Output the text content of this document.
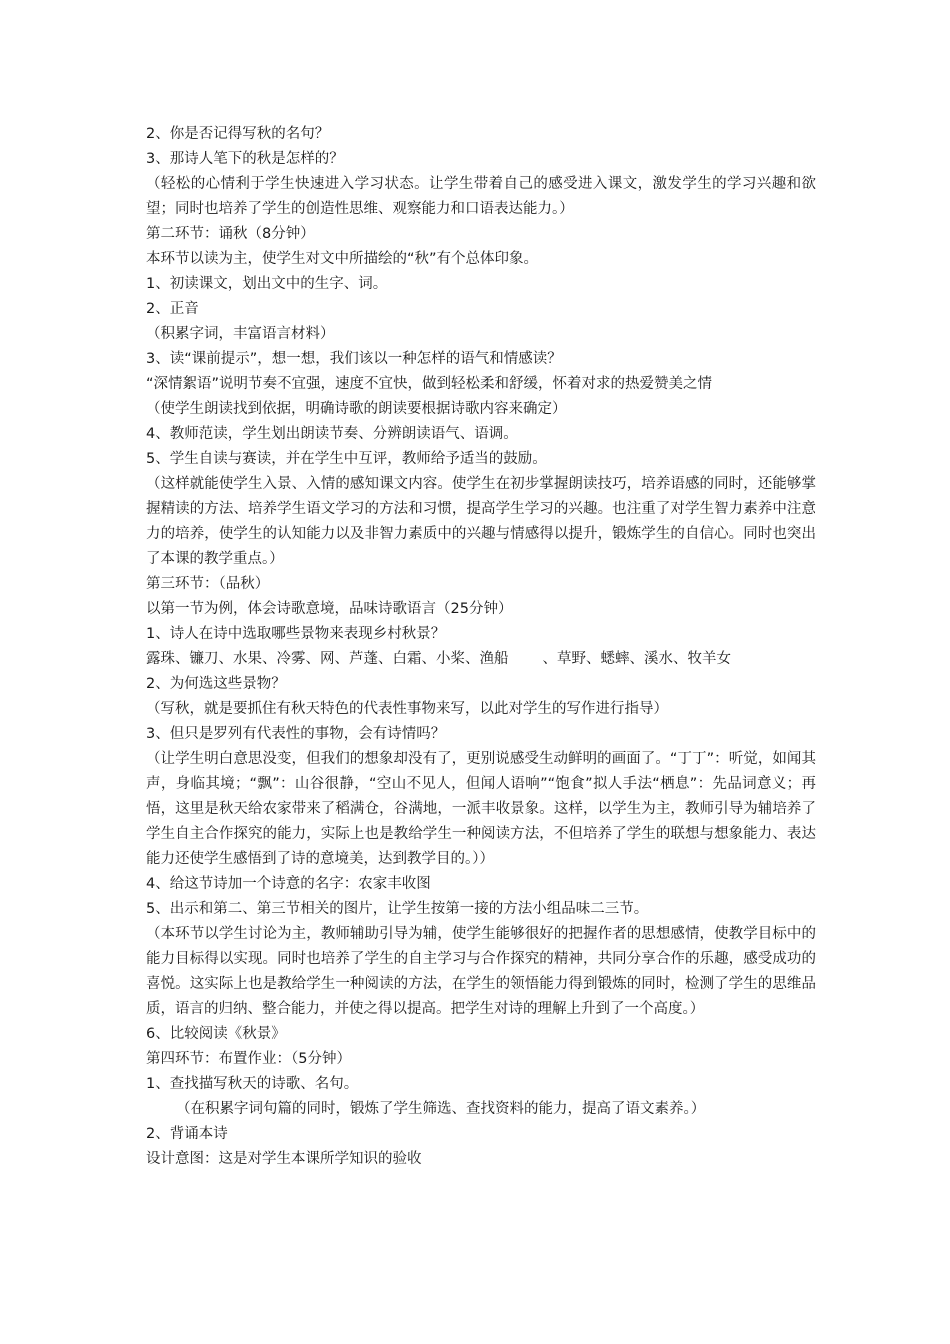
2、你是否记得写秋的名句？
3、那诗人笔下的秋是怎样的？
（轻松的心情利于学生快速进入学习状态。让学生带着自己的感受进入课文，激发学生的学习兴趣和欲望；同时也培养了学生的创造性思维、观察能力和口语表达能力。）
第二环节：诵秋（8分钟）
本环节以读为主，使学生对文中所描绘的“秋”有个总体印象。
1、初读课文，划出文中的生字、词。
2、正音
（积累字词，丰富语言材料）
3、读“课前提示”，想一想，我们该以一种怎样的语气和情感读？
“深情絮语”说明节奏不宜强，速度不宜快，做到轻松柔和舒缓，怀着对求的热爱赞美之情
（使学生朗读找到依据，明确诗歌的朗读要根据诗歌内容来确定）
4、教师范读，学生划出朗读节奏、分辨朗读语气、语调。
5、学生自读与赛读，并在学生中互评，教师给予适当的鼓励。
（这样就能使学生入景、入情的感知课文内容。使学生在初步掌握朗读技巧，培养语感的同时，还能够掌握精读的方法、培养学生语文学习的方法和习惯，提高学生学习的兴趣。也注重了对学生智力素养中注意力的培养，使学生的认知能力以及非智力素质中的兴趣与情感得以提升，锻炼学生的自信心。同时也突出了本课的教学重点。）
第三环节：（品秋）
以第一节为例，体会诗歌意境，品味诗歌语言（25分钟）
1、诗人在诗中选取哪些景物来表现乡村秋景？
露珠、镰刀、水果、冷雾、网、芦蓬、白霜、小桨、渔船 、草野、蟋蟀、溪水、牧羊女
2、为何选这些景物？
（写秋，就是要抓住有秋天特色的代表性事物来写，以此对学生的写作进行指导）
3、但只是罗列有代表性的事物，会有诗情吗？
（让学生明白意思没变，但我们的想象却没有了，更别说感受生动鲜明的画面了。“丁丁”：听觉，如闻其声，身临其境；“飘”：山谷很静，“空山不见人，但闻人语响”“饱食”拟人手法“栖息”：先品词意义；再悟，这里是秋天给农家带来了稻满仓，谷满地，一派丰收景象。这样，以学生为主，教师引导为辅培养了学生自主合作探究的能力，实际上也是教给学生一种阅读方法，不但培养了学生的联想与想象能力、表达能力还使学生感悟到了诗的意境美，达到教学目的。））
4、给这节诗加一个诗意的名字：农家丰收图
5、出示和第二、第三节相关的图片，让学生按第一接的方法小组品味二三节。
（本环节以学生讨论为主，教师辅助引导为辅，使学生能够很好的把握作者的思想感情，使教学目标中的能力目标得以实现。同时也培养了学生的自主学习与合作探究的精神，共同分享合作的乐趣，感受成功的喜悦。这实际上也是教给学生一种阅读的方法，在学生的领悟能力得到锻炼的同时，检测了学生的思维品质，语言的归纳、整合能力，并使之得以提高。把学生对诗的理解上升到了一个高度。）
6、比较阅读《秋景》
第四环节：布置作业：（5分钟）
1、查找描写秋天的诗歌、名句。
（在积累字词句篇的同时，锻炼了学生筛选、查找资料的能力，提高了语文素养。）
2、背诵本诗
设计意图：这是对学生本课所学知识的验收
